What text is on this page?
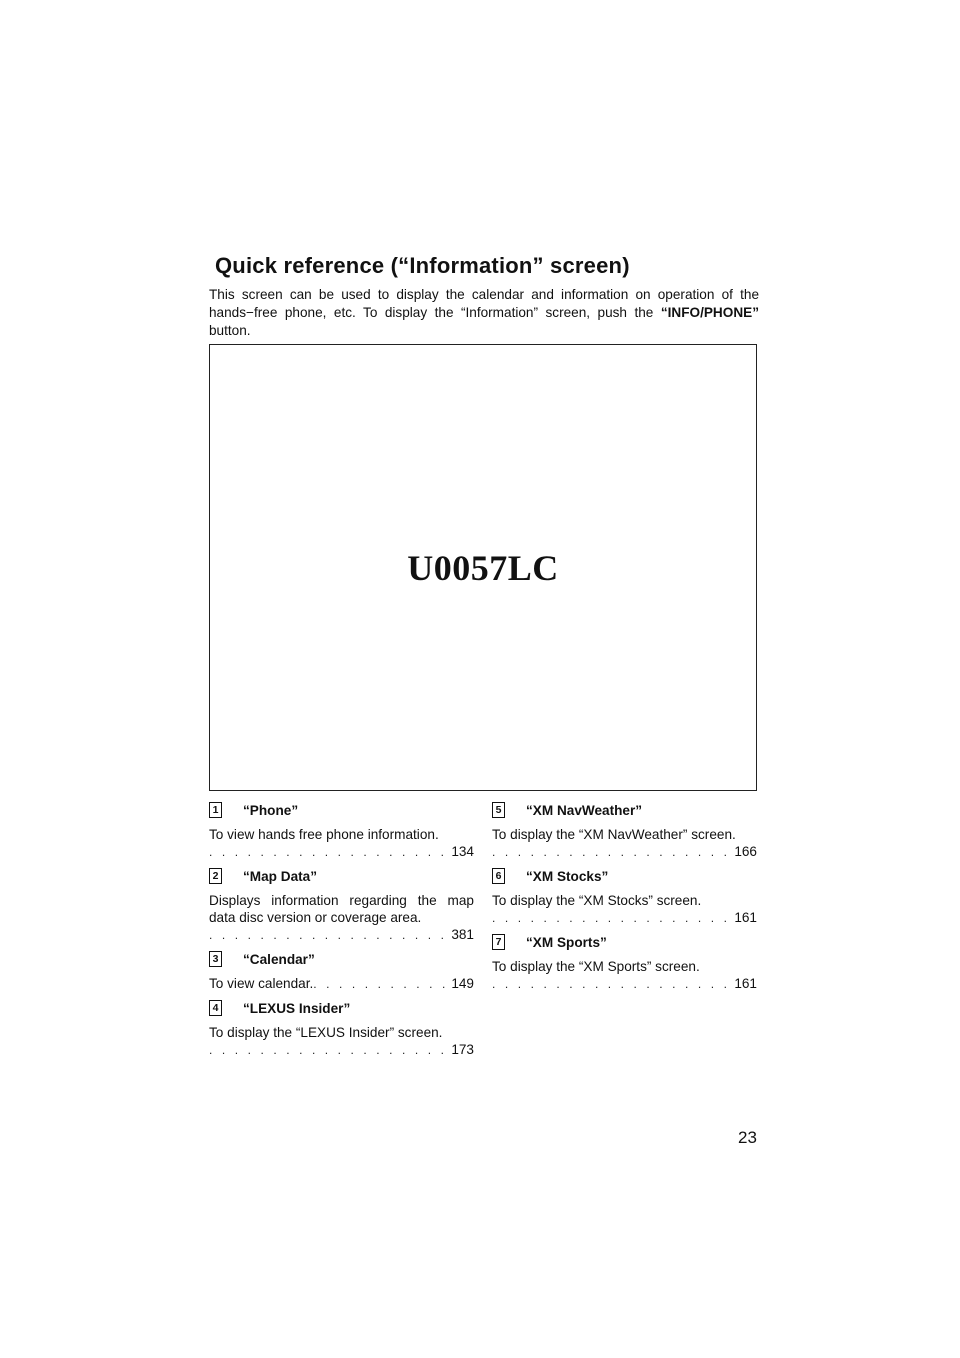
Quick reference (“Information” screen)
This screen can be used to display the calendar and information on operation of the hands−free phone, etc. To display the “Information” screen, push the “INFO/PHONE” button.
U0057LC
1 “Phone”
To view hands free phone information.
. . .
134
2 “Map Data”
Displays information regarding the map data disc version or coverage area.
. . .
381
3 “Calendar”
To view calendar.
. . .	149
4 “LEXUS Insider”
To display the “LEXUS Insider” screen.
. . .
173
5 “XM NavWeather”
To display the “XM NavWeather” screen.
. . .
166
6 “XM Stocks”
To display the “XM Stocks” screen.
. . .
161
7 “XM Sports”
To display the “XM Sports” screen.
. . .
161
23
